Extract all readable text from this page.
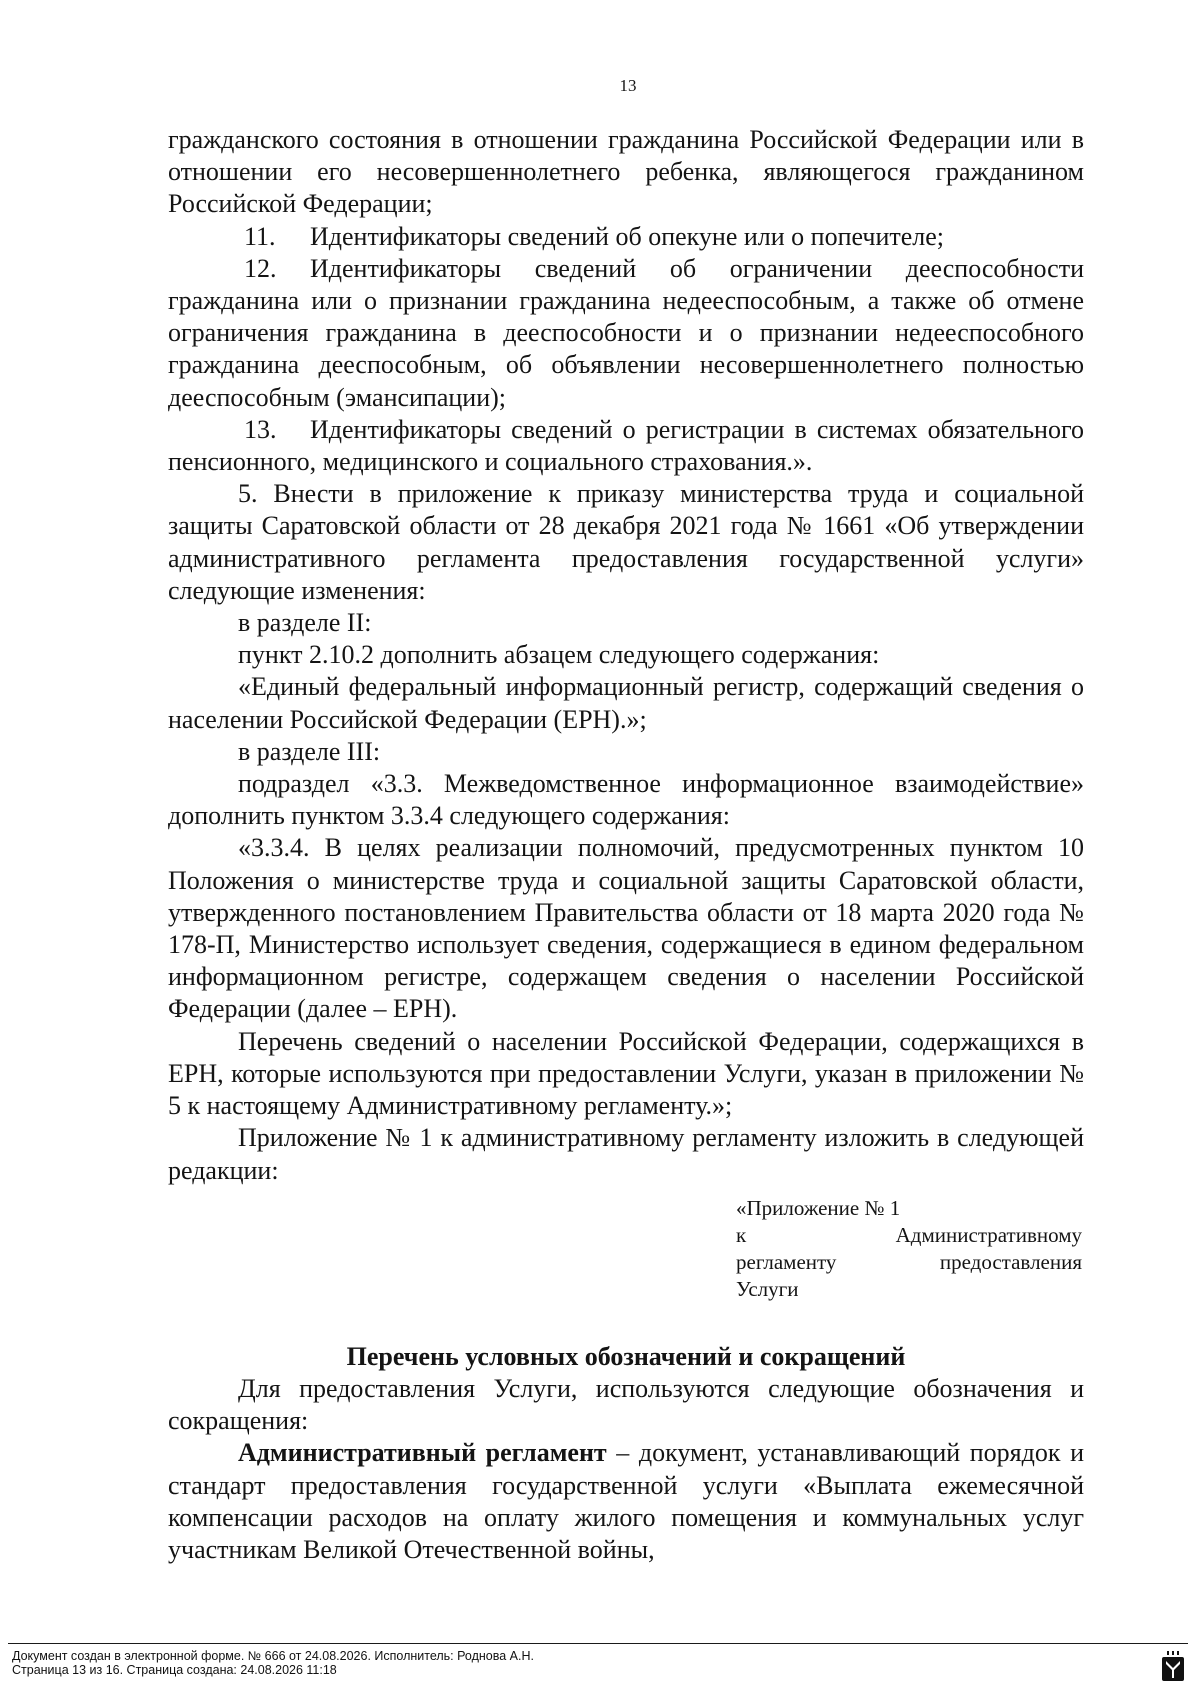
13

гражданского состояния в отношении гражданина Российской Федерации или в отношении его несовершеннолетнего ребенка, являющегося гражданином Российской Федерации;

11. Идентификаторы сведений об опекуне или о попечителе;

12. Идентификаторы сведений об ограничении дееспособности гражданина или о признании гражданина недееспособным, а также об отмене ограничения гражданина в дееспособности и о признании недееспособного гражданина дееспособным, об объявлении несовершеннолетнего полностью дееспособным (эмансипации);

13. Идентификаторы сведений о регистрации в системах обязательного пенсионного, медицинского и социального страхования.».

5. Внести в приложение к приказу министерства труда и социальной защиты Саратовской области от 28 декабря 2021 года № 1661 «Об утверждении административного регламента предоставления государственной услуги» следующие изменения:

в разделе II:

пункт 2.10.2 дополнить абзацем следующего содержания:

«Единый федеральный информационный регистр, содержащий сведения о населении Российской Федерации (ЕРН).»;

в разделе III:

подраздел «3.3. Межведомственное информационное взаимодействие» дополнить пунктом 3.3.4 следующего содержания:

«3.3.4. В целях реализации полномочий, предусмотренных пунктом 10 Положения о министерстве труда и социальной защиты Саратовской области, утвержденного постановлением Правительства области от 18 марта 2020 года № 178-П, Министерство использует сведения, содержащиеся в едином федеральном информационном регистре, содержащем сведения о населении Российской Федерации (далее – ЕРН).

Перечень сведений о населении Российской Федерации, содержащихся в ЕРН, которые используются при предоставлении Услуги, указан в приложении № 5 к настоящему Административному регламенту.»;

Приложение № 1 к административному регламенту изложить в следующей редакции:

«Приложение № 1
к	Административному
регламенту	предоставления
Услуги

Перечень условных обозначений и сокращений

Для предоставления Услуги, используются следующие обозначения и сокращения:

Административный регламент – документ, устанавливающий порядок и стандарт предоставления государственной услуги «Выплата ежемесячной компенсации расходов на оплату жилого помещения и коммунальных услуг участникам Великой Отечественной войны,

Документ создан в электронной форме. № 666 от 24.08.2026. Исполнитель: Роднова А.Н.
Страница 13 из 16. Страница создана: 24.08.2026 11:18
